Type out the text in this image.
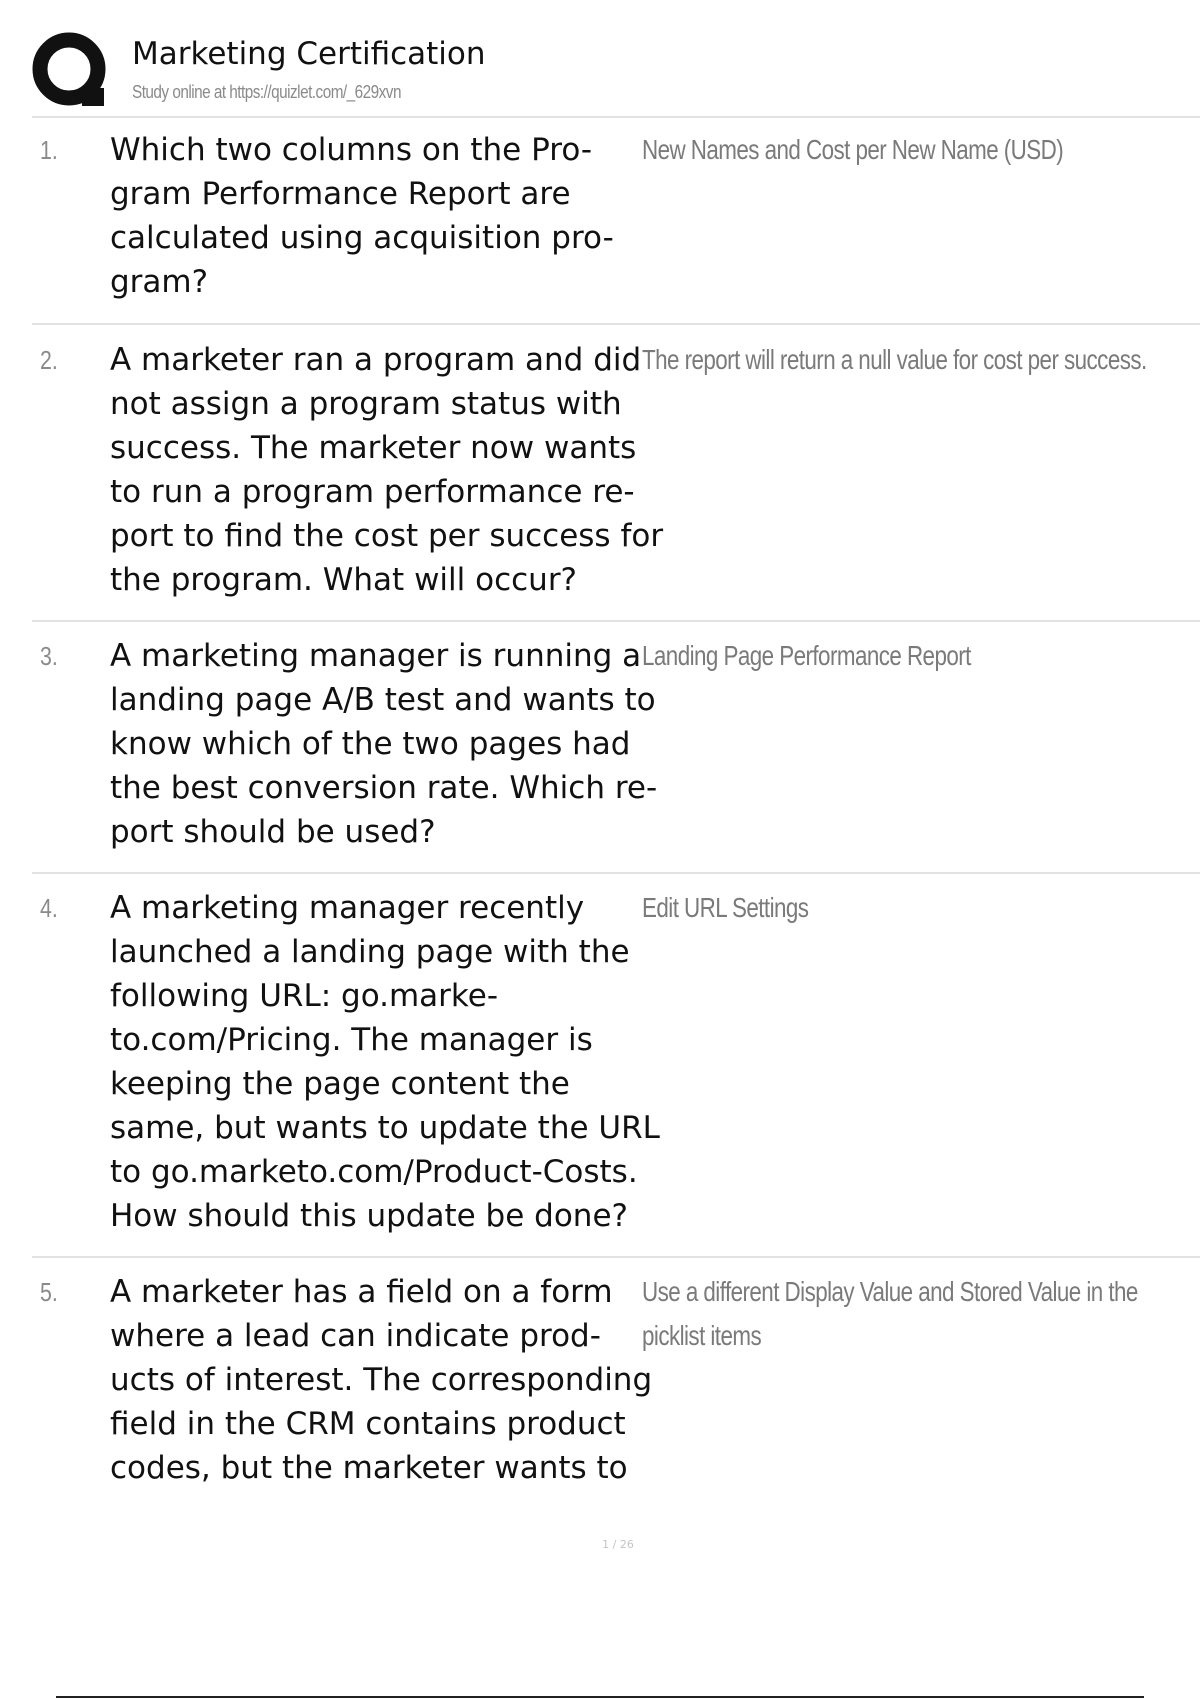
Marketing Certification
Study online at https://quizlet.com/_629xvn
1. Which two columns on the Pro-gram Performance Report are calculated using acquisition pro-gram?
New Names and Cost per New Name (USD)
2. A marketer ran a program and did not assign a program status with success. The marketer now wants to run a program performance re-port to find the cost per success for the program. What will occur?
The report will return a null value for cost per success.
3. A marketing manager is running a landing page A/B test and wants to know which of the two pages had the best conversion rate. Which re-port should be used?
Landing Page Performance Report
4. A marketing manager recently launched a landing page with the following URL: go.marke-to.com/Pricing. The manager is keeping the page content the same, but wants to update the URL to go.marketo.com/Product-Costs. How should this update be done?
Edit URL Settings
5. A marketer has a field on a form where a lead can indicate prod-ucts of interest. The corresponding field in the CRM contains product codes, but the marketer wants to
Use a different Display Value and Stored Value in the picklist items
1 / 26
